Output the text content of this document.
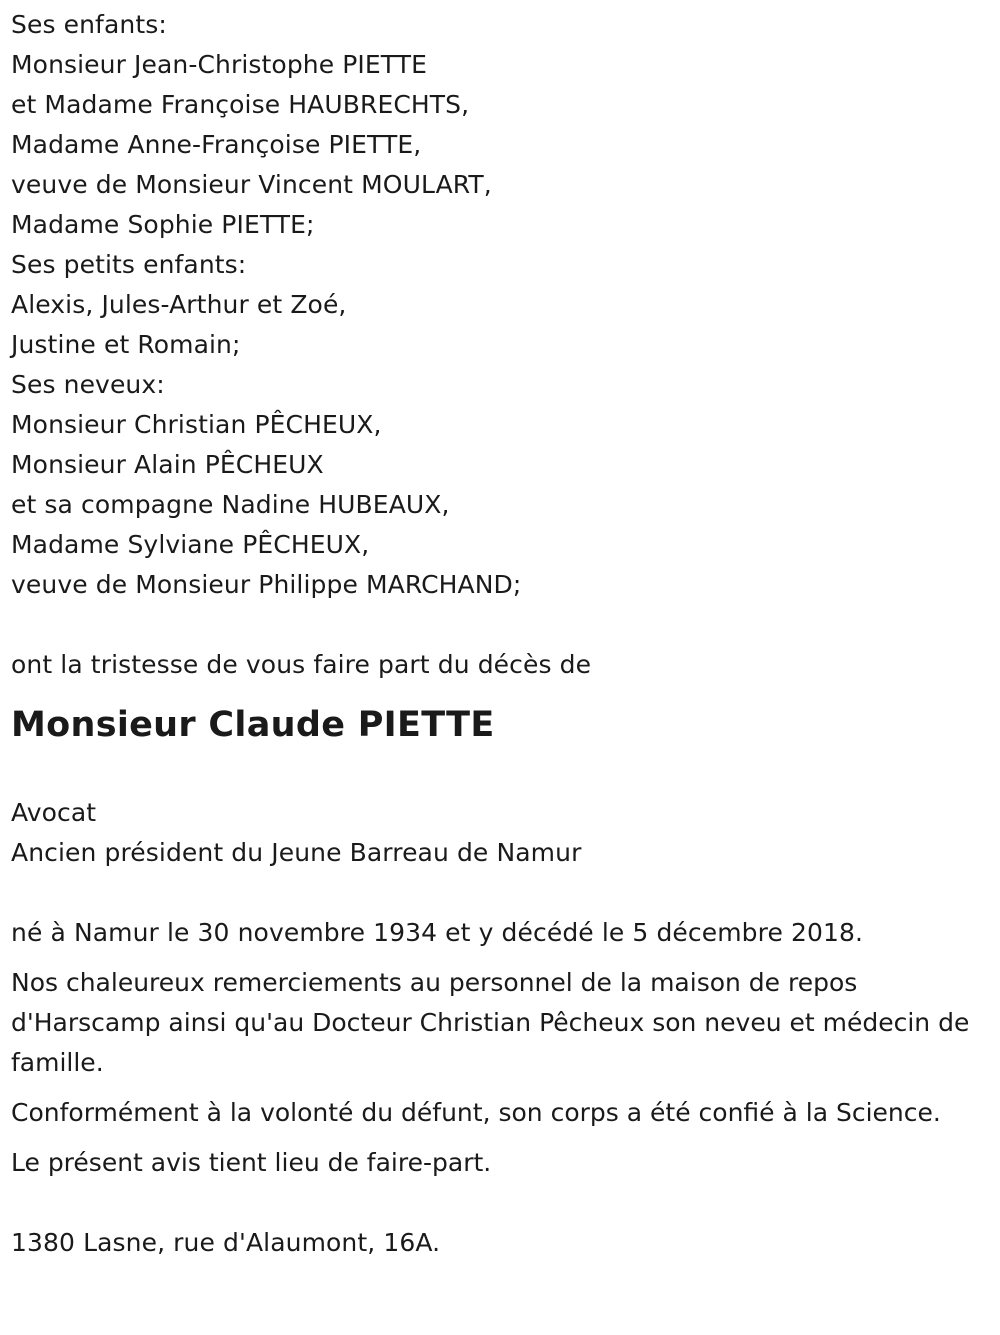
Ses enfants:
Monsieur Jean-Christophe PIETTE
et Madame Françoise HAUBRECHTS,
Madame Anne-Françoise PIETTE,
veuve de Monsieur Vincent MOULART,
Madame Sophie PIETTE;
Ses petits enfants:
Alexis, Jules-Arthur et Zoé,
Justine et Romain;
Ses neveux:
Monsieur Christian PÊCHEUX,
Monsieur Alain PÊCHEUX
et sa compagne Nadine HUBEAUX,
Madame Sylviane PÊCHEUX,
veuve de Monsieur Philippe MARCHAND;
ont la tristesse de vous faire part du décès de
Monsieur Claude PIETTE
Avocat
Ancien président du Jeune Barreau de Namur
né à Namur le 30 novembre 1934 et y décédé le 5 décembre 2018.

Nos chaleureux remerciements au personnel de la maison de repos d'Harscamp ainsi qu'au Docteur Christian Pêcheux son neveu et médecin de famille.

Conformément à la volonté du défunt, son corps a été confié à la Science.

Le présent avis tient lieu de faire-part.

1380 Lasne, rue d'Alaumont, 16A.
